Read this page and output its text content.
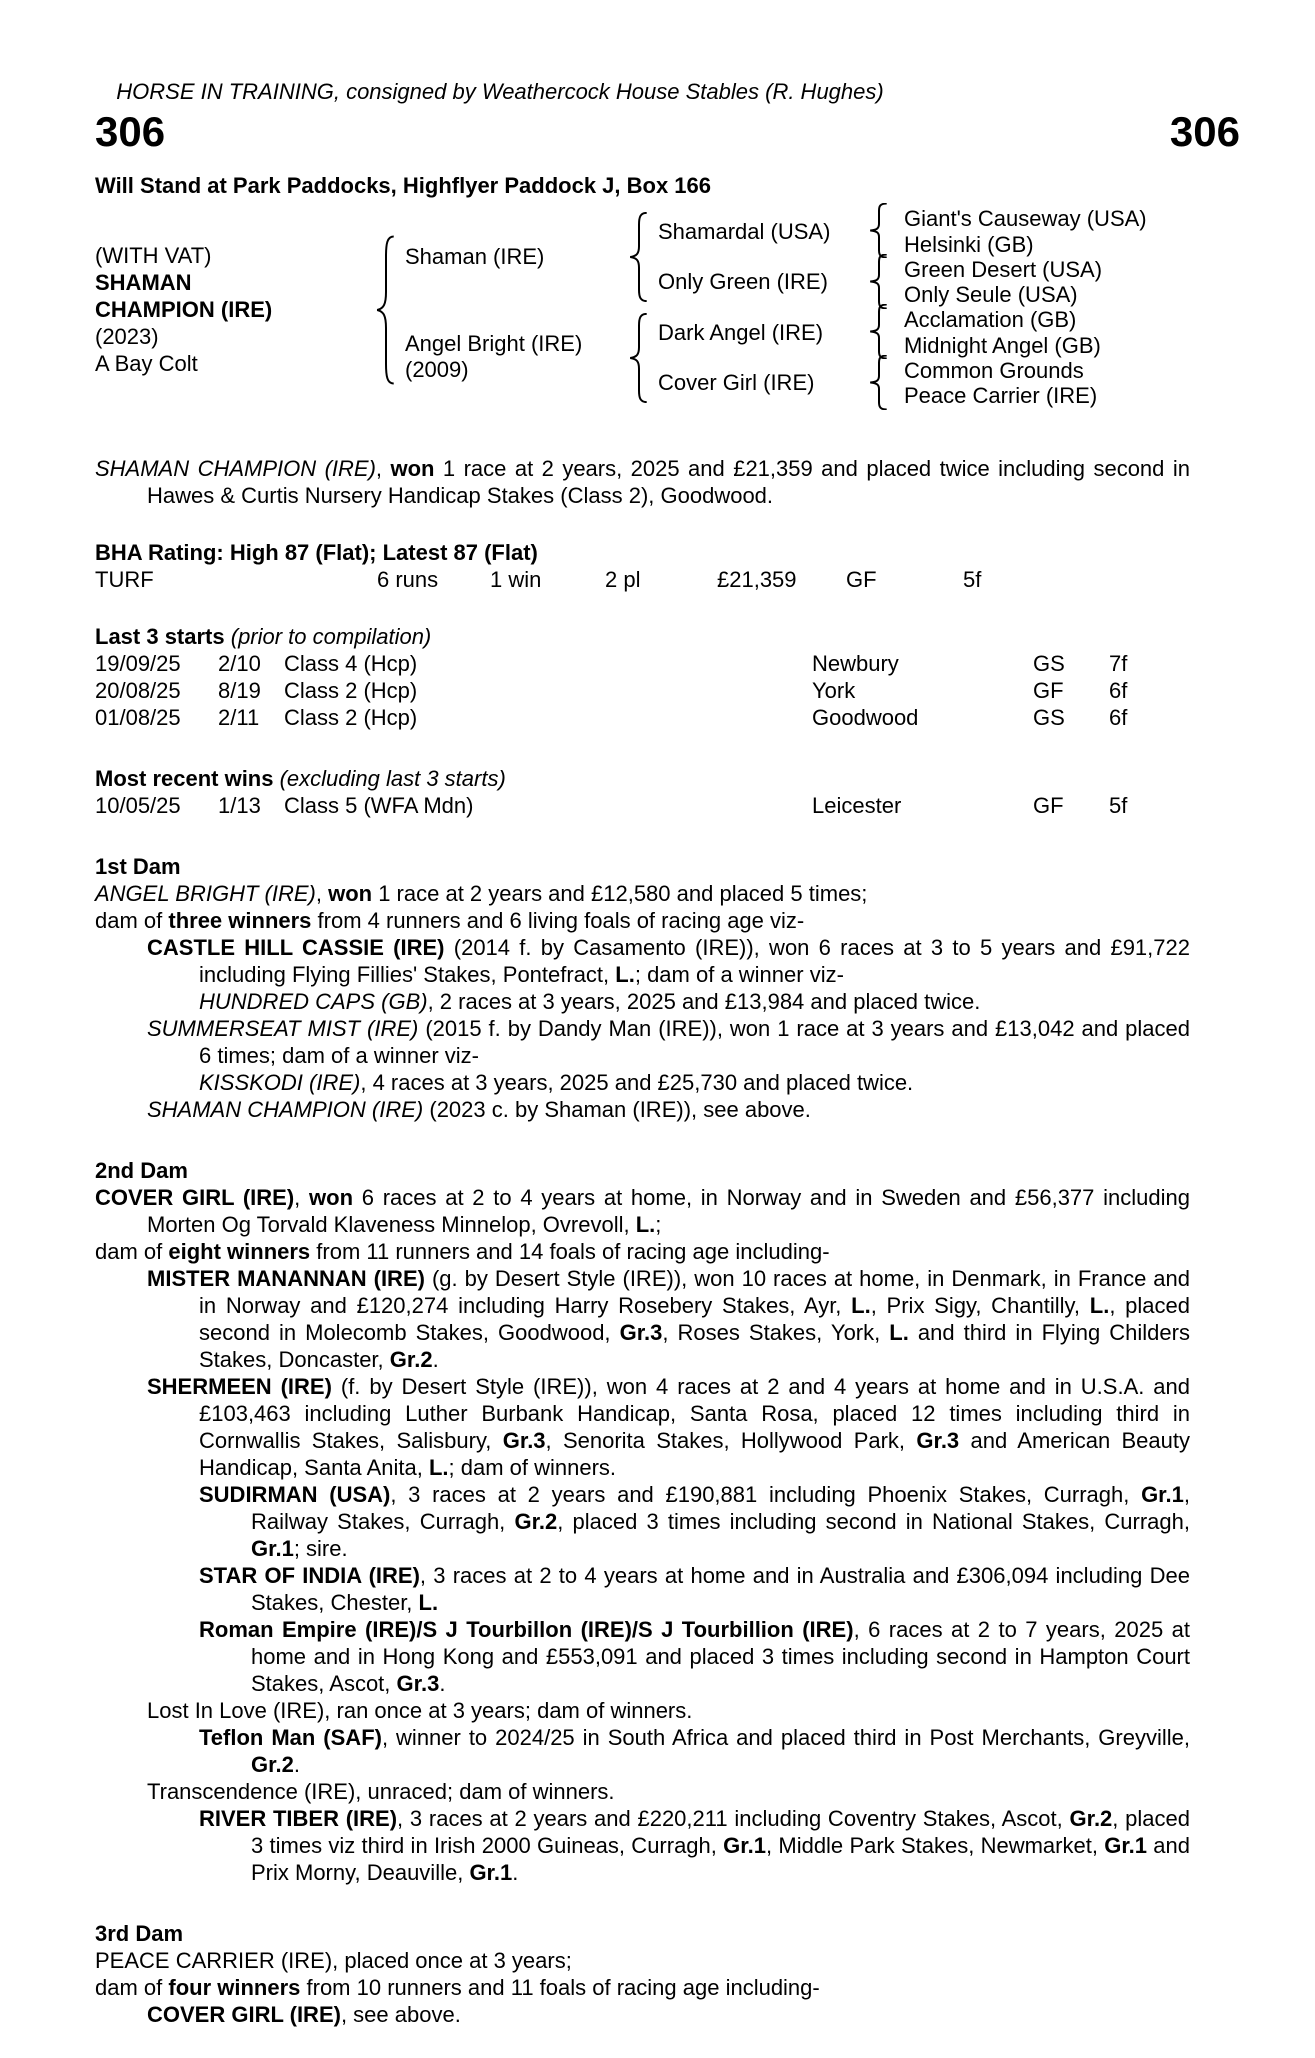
HORSE IN TRAINING, consigned by Weathercock House Stables (R. Hughes)
306	306
Will Stand at Park Paddocks, Highflyer Paddock J, Box 166
(WITH VAT)
SHAMAN
CHAMPION (IRE)
(2023)
A Bay Colt
Shaman (IRE)
Angel Bright (IRE)
(2009)
Shamardal (USA)
Only Green (IRE)
Dark Angel (IRE)
Cover Girl (IRE)
Giant's Causeway (USA)
Helsinki (GB)
Green Desert (USA)
Only Seule (USA)
Acclamation (GB)
Midnight Angel (GB)
Common Grounds
Peace Carrier (IRE)

SHAMAN CHAMPION (IRE), won 1 race at 2 years, 2025 and £21,359 and placed twice including second in Hawes & Curtis Nursery Handicap Stakes (Class 2), Goodwood.

BHA Rating: High 87 (Flat); Latest 87 (Flat)
TURF	6 runs 1 win	2 pl	£21,359 GF	5f
Last 3 starts (prior to compilation)
19/09/25 2/10 Class 4 (Hcp)	Newbury	GS 7f
20/08/25 8/19 Class 2 (Hcp)	York	GF 6f
01/08/25 2/11 Class 2 (Hcp)	Goodwood	GS 6f
Most recent wins (excluding last 3 starts)
10/05/25 1/13 Class 5 (WFA Mdn)	Leicester	GF 5f
1st Dam

ANGEL BRIGHT (IRE), won 1 race at 2 years and £12,580 and placed 5 times;

dam of three winners from 4 runners and 6 living foals of racing age viz-

CASTLE HILL CASSIE (IRE) (2014 f. by Casamento (IRE)), won 6 races at 3 to 5 years and £91,722 including Flying Fillies' Stakes, Pontefract, L.; dam of a winner viz-

HUNDRED CAPS (GB), 2 races at 3 years, 2025 and £13,984 and placed twice.

SUMMERSEAT MIST (IRE) (2015 f. by Dandy Man (IRE)), won 1 race at 3 years and £13,042 and placed 6 times; dam of a winner viz-

KISSKODI (IRE), 4 races at 3 years, 2025 and £25,730 and placed twice.

SHAMAN CHAMPION (IRE) (2023 c. by Shaman (IRE)), see above.

2nd Dam

COVER GIRL (IRE), won 6 races at 2 to 4 years at home, in Norway and in Sweden and £56,377 including Morten Og Torvald Klaveness Minnelop, Ovrevoll, L.;

dam of eight winners from 11 runners and 14 foals of racing age including-

MISTER MANANNAN (IRE) (g. by Desert Style (IRE)), won 10 races at home, in Denmark, in France and in Norway and £120,274 including Harry Rosebery Stakes, Ayr, L., Prix Sigy, Chantilly, L., placed second in Molecomb Stakes, Goodwood, Gr.3, Roses Stakes, York, L. and third in Flying Childers Stakes, Doncaster, Gr.2.

SHERMEEN (IRE) (f. by Desert Style (IRE)), won 4 races at 2 and 4 years at home and in U.S.A. and £103,463 including Luther Burbank Handicap, Santa Rosa, placed 12 times including third in Cornwallis Stakes, Salisbury, Gr.3, Senorita Stakes, Hollywood Park, Gr.3 and American Beauty Handicap, Santa Anita, L.; dam of winners.

SUDIRMAN (USA), 3 races at 2 years and £190,881 including Phoenix Stakes, Curragh, Gr.1, Railway Stakes, Curragh, Gr.2, placed 3 times including second in National Stakes, Curragh, Gr.1; sire.

STAR OF INDIA (IRE), 3 races at 2 to 4 years at home and in Australia and £306,094 including Dee Stakes, Chester, L.

Roman Empire (IRE)/S J Tourbillon (IRE)/S J Tourbillion (IRE), 6 races at 2 to 7 years, 2025 at home and in Hong Kong and £553,091 and placed 3 times including second in Hampton Court Stakes, Ascot, Gr.3.

Lost In Love (IRE), ran once at 3 years; dam of winners.

Teflon Man (SAF), winner to 2024/25 in South Africa and placed third in Post Merchants, Greyville, Gr.2.

Transcendence (IRE), unraced; dam of winners.

RIVER TIBER (IRE), 3 races at 2 years and £220,211 including Coventry Stakes, Ascot, Gr.2, placed 3 times viz third in Irish 2000 Guineas, Curragh, Gr.1, Middle Park Stakes, Newmarket, Gr.1 and Prix Morny, Deauville, Gr.1.

3rd Dam

PEACE CARRIER (IRE), placed once at 3 years;

dam of four winners from 10 runners and 11 foals of racing age including-

COVER GIRL (IRE), see above.
